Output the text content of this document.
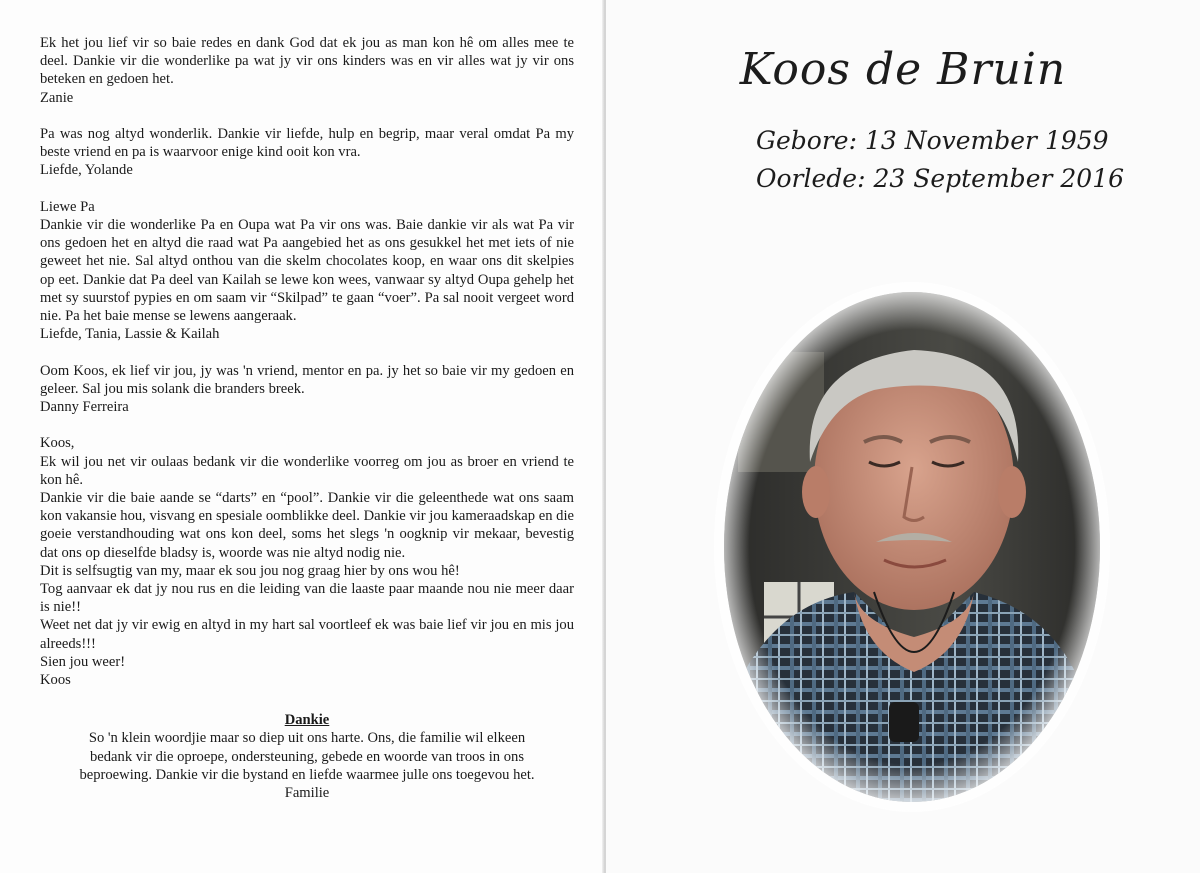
Ek het jou lief vir so baie redes en dank God dat ek jou as man kon hê om alles mee te deel. Dankie vir die wonderlike pa wat jy vir ons kinders was en vir alles wat jy vir ons beteken en gedoen het.

Zanie

Pa was nog altyd wonderlik. Dankie vir liefde, hulp en begrip, maar veral omdat Pa my beste vriend en pa is waarvoor enige kind ooit kon vra.

Liefde, Yolande

Liewe Pa

Dankie vir die wonderlike Pa en Oupa wat Pa vir ons was. Baie dankie vir als wat Pa vir ons gedoen het en altyd die raad wat Pa aangebied het as ons gesukkel het met iets of nie geweet het nie. Sal altyd onthou van die skelm chocolates koop, en waar ons dit skelpies op eet. Dankie dat Pa deel van Kailah se lewe kon wees, vanwaar sy altyd Oupa gehelp het met sy suurstof pypies en om saam vir “Skilpad” te gaan “voer”. Pa sal nooit vergeet word nie. Pa het baie mense se lewens aangeraak.

Liefde, Tania, Lassie & Kailah

Oom Koos, ek lief vir jou, jy was 'n vriend, mentor en pa. jy het so baie vir my gedoen en geleer. Sal jou mis solank die branders breek.

Danny Ferreira

Koos,

Ek wil jou net vir oulaas bedank vir die wonderlike voorreg om jou as broer en vriend te kon hê.

Dankie vir die baie aande se “darts” en “pool”. Dankie vir die geleenthede wat ons saam kon vakansie hou, visvang en spesiale oomblikke deel. Dankie vir jou kameraadskap en die goeie verstandhouding wat ons kon deel, soms het slegs 'n oogknip vir mekaar, bevestig dat ons op dieselfde bladsy is, woorde was nie altyd nodig nie.

Dit is selfsugtig van my, maar ek sou jou nog graag hier by ons wou hê!

Tog aanvaar ek dat jy nou rus en die leiding van die laaste paar maande nou nie meer daar is nie!!

Weet net dat jy vir ewig en altyd in my hart sal voortleef ek was baie lief vir jou en mis jou alreeds!!!

Sien jou weer!

Koos

Dankie

So 'n klein woordjie maar so diep uit ons harte. Ons, die familie wil elkeen

bedank vir die oproepe, ondersteuning, gebede en woorde van troos in ons

beproewing. Dankie vir die bystand en liefde waarmee julle ons toegevou het.

Familie

Koos de Bruin
Gebore: 13 November 1959
Oorlede: 23 September 2016
